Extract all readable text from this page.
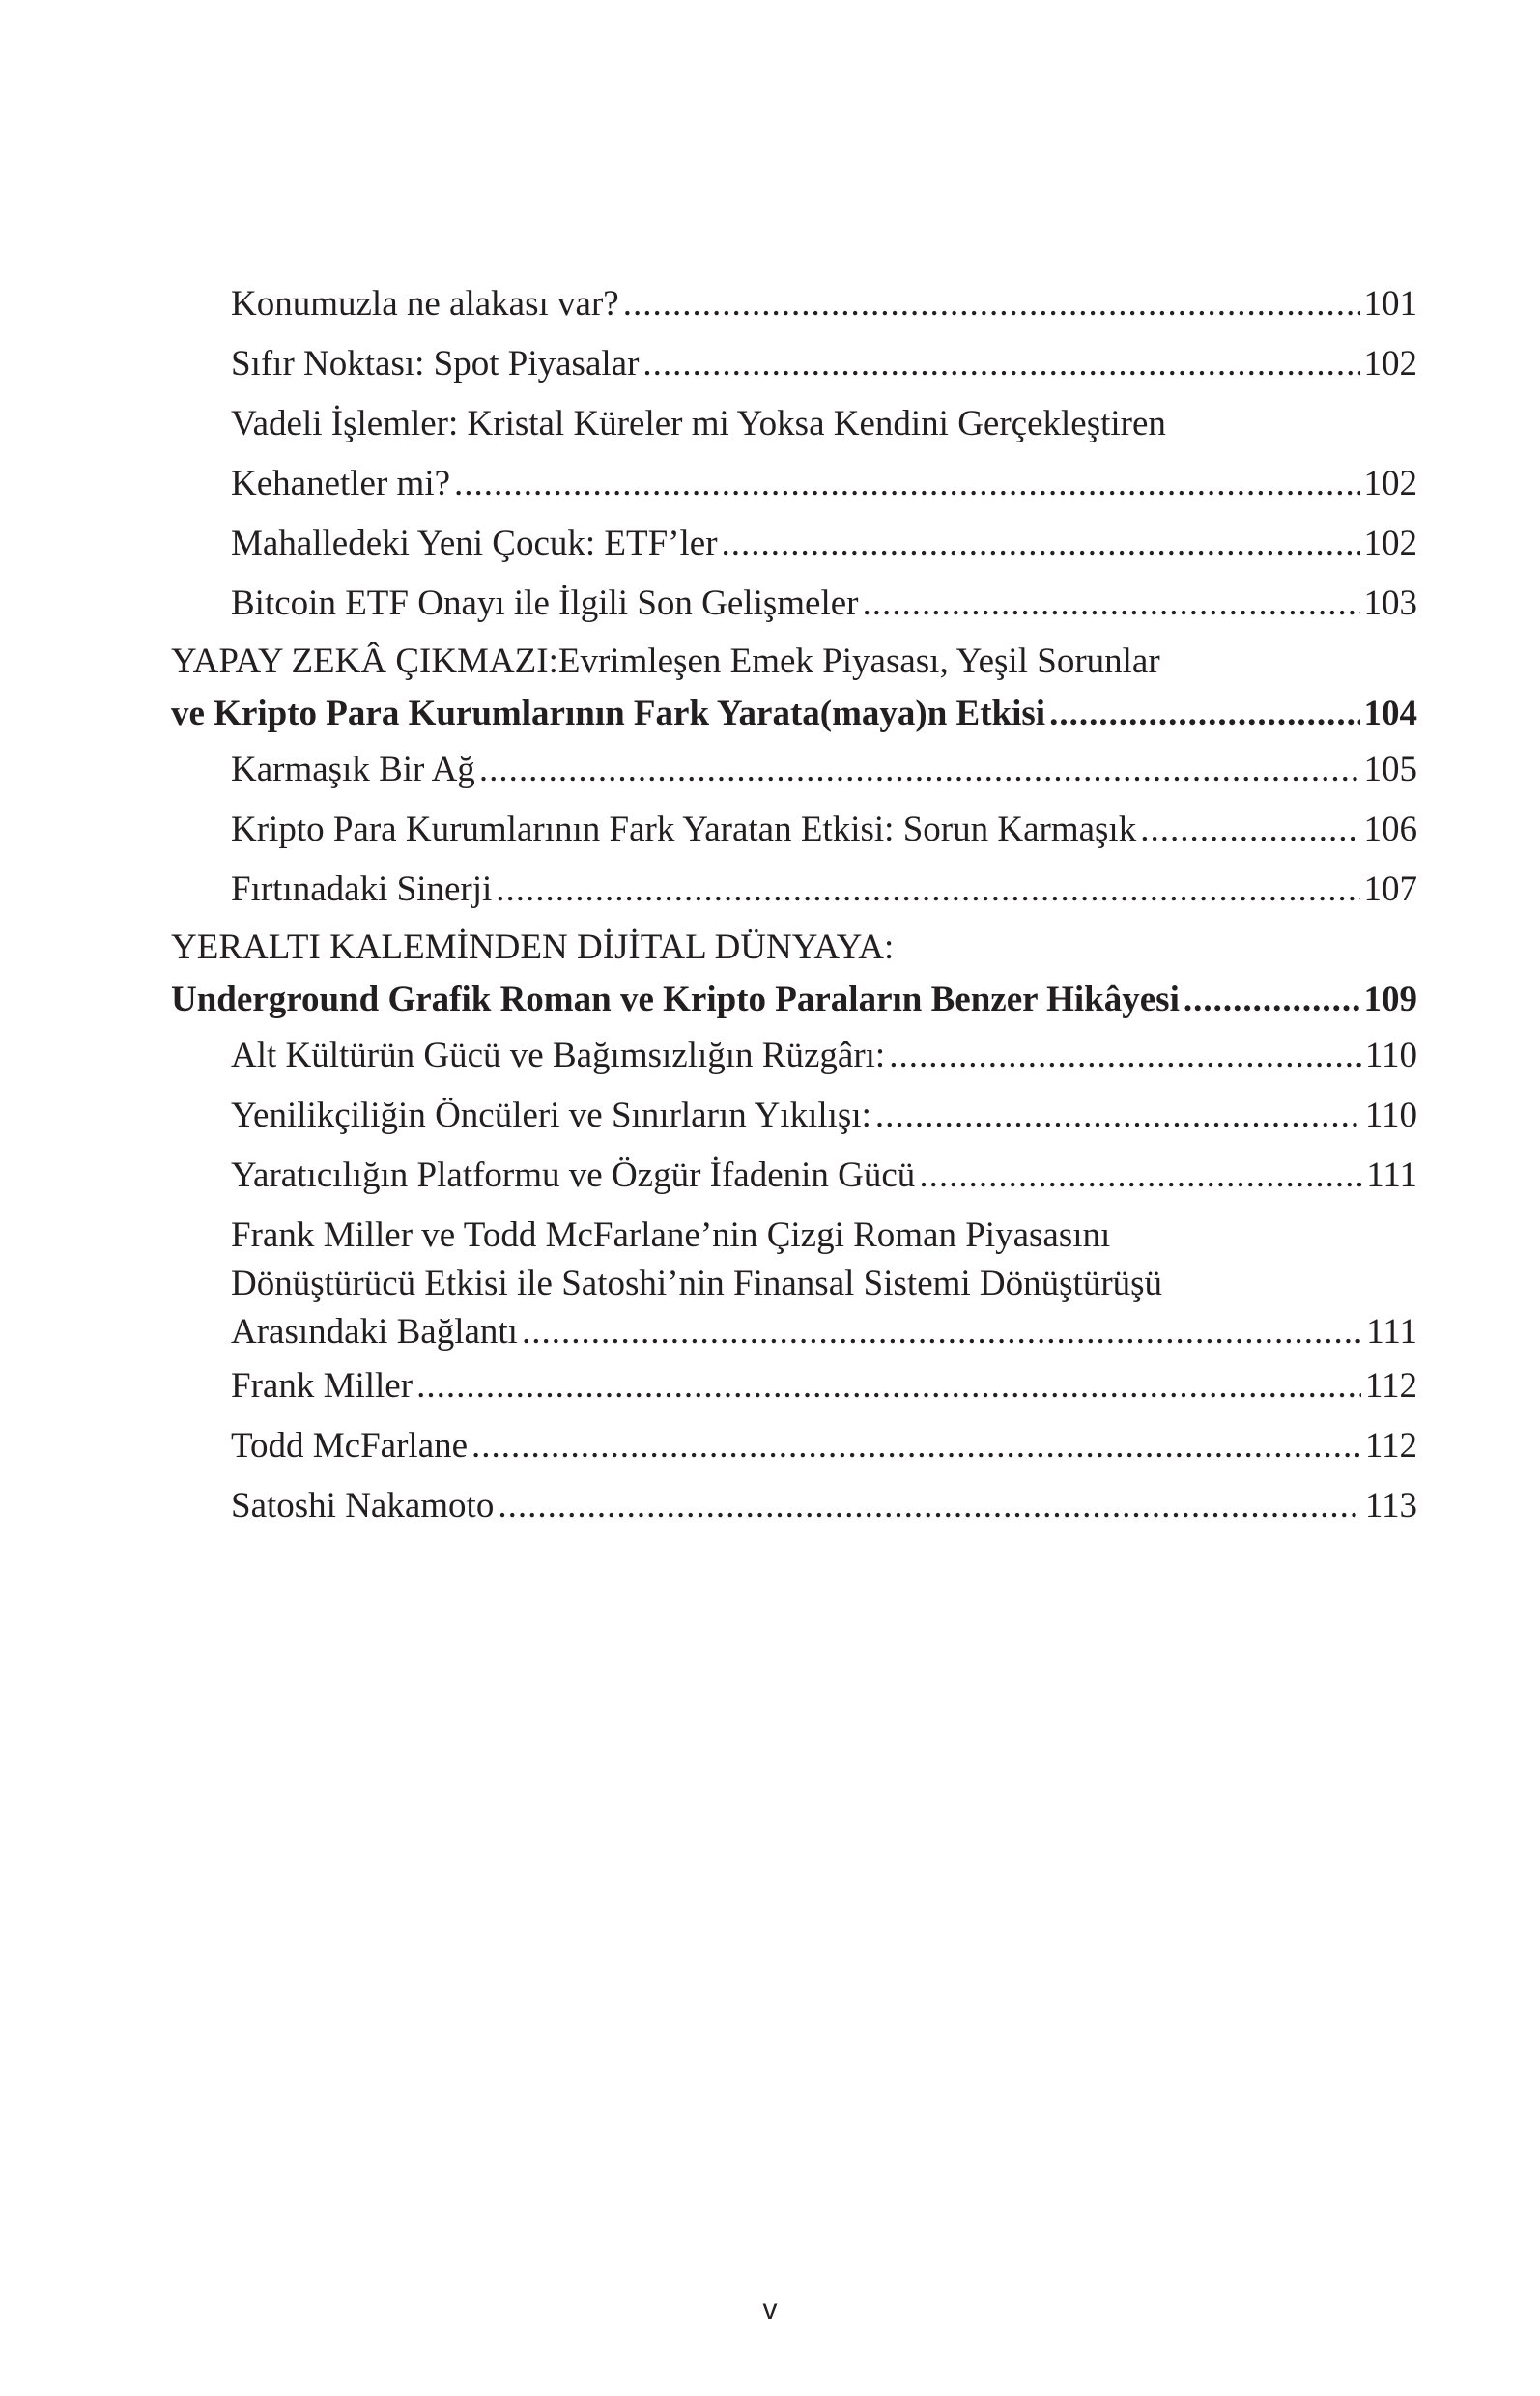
Konumuzla ne alakası var? .....	101
Sıfır Noktası: Spot Piyasalar .....	102
Vadeli İşlemler: Kristal Küreler mi Yoksa Kendini Gerçekleştiren
Kehanetler mi? .....	102
Mahalledeki Yeni Çocuk: ETF’ler .....	102
Bitcoin ETF Onayı ile İlgili Son Gelişmeler .....	103
YAPAY ZEKÂ ÇIKMAZI:Evrimleşen Emek Piyasası, Yeşil Sorunlar
ve Kripto Para Kurumlarının Fark Yarata(maya)n Etkisi .....	104
Karmaşık Bir Ağ .....	105
Kripto Para Kurumlarının Fark Yaratan Etkisi: Sorun Karmaşık .....	106
Fırtınadaki Sinerji .....	107
YERALTI KALEMİNDEN DİJİTAL DÜNYAYA:
Underground Grafik Roman ve Kripto Paraların Benzer Hikâyesi .....	109
Alt Kültürün Gücü ve Bağımsızlığın Rüzgârı: .....	110
Yenilikçiliğin Öncüleri ve Sınırların Yıkılışı: .....	110
Yaratıcılığın Platformu ve Özgür İfadenin Gücü .....	111
Frank Miller ve Todd McFarlane’nin Çizgi Roman Piyasasını
Dönüştürücü Etkisi ile Satoshi’nin Finansal Sistemi Dönüştürüşü
Arasındaki Bağlantı .....	111
Frank Miller .....	112
Todd McFarlane .....	112
Satoshi Nakamoto .....	113
v
